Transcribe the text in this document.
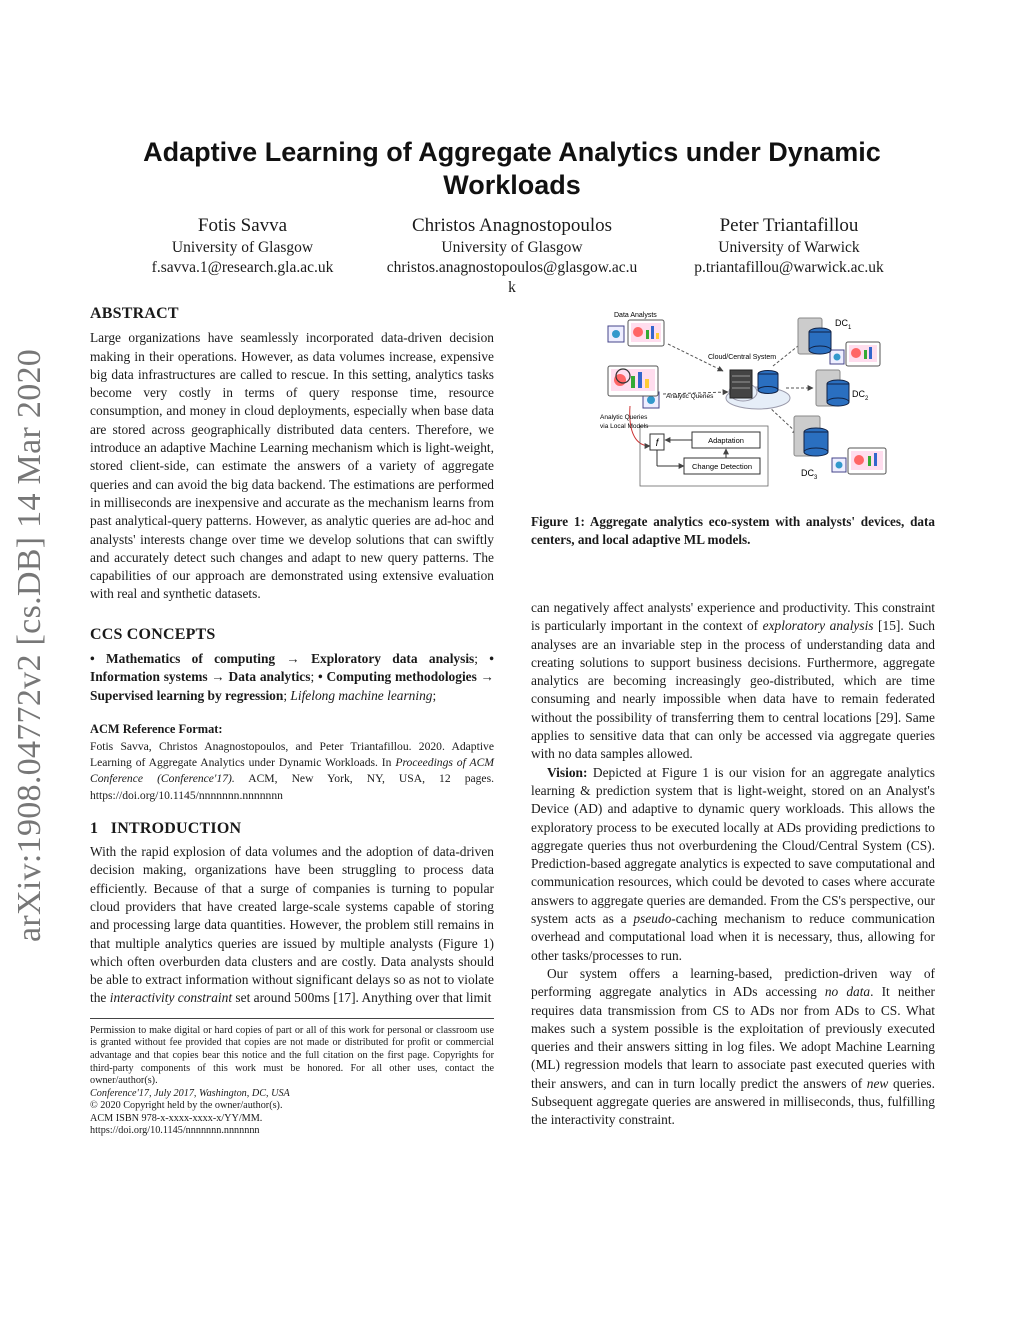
arXiv:1908.04772v2 [cs.DB] 14 Mar 2020
Adaptive Learning of Aggregate Analytics under Dynamic Workloads
Fotis Savva
University of Glasgow
f.savva.1@research.gla.ac.uk
Christos Anagnostopoulos
University of Glasgow
christos.anagnostopoulos@glasgow.ac.uk
Peter Triantafillou
University of Warwick
p.triantafillou@warwick.ac.uk
ABSTRACT

Large organizations have seamlessly incorporated data-driven decision making in their operations. However, as data volumes increase, expensive big data infrastructures are called to rescue. In this setting, analytics tasks become very costly in terms of query response time, resource consumption, and money in cloud deployments, especially when base data are stored across geographically distributed data centers. Therefore, we introduce an adaptive Machine Learning mechanism which is light-weight, stored client-side, can estimate the answers of a variety of aggregate queries and can avoid the big data backend. The estimations are performed in milliseconds are inexpensive and accurate as the mechanism learns from past analytical-query patterns. However, as analytic queries are ad-hoc and analysts' interests change over time we develop solutions that can swiftly and accurately detect such changes and adapt to new query patterns. The capabilities of our approach are demonstrated using extensive evaluation with real and synthetic datasets.

CCS CONCEPTS

• Mathematics of computing → Exploratory data analysis; • Information systems → Data analytics; • Computing methodologies → Supervised learning by regression; Lifelong machine learning;

ACM Reference Format:

Fotis Savva, Christos Anagnostopoulos, and Peter Triantafillou. 2020. Adaptive Learning of Aggregate Analytics under Dynamic Workloads. In Proceedings of ACM Conference (Conference'17). ACM, New York, NY, USA, 12 pages. https://doi.org/10.1145/nnnnnnn.nnnnnnn

1   INTRODUCTION

With the rapid explosion of data volumes and the adoption of data-driven decision making, organizations have been struggling to process data efficiently. Because of that a surge of companies is turning to popular cloud providers that have created large-scale systems capable of storing and processing large data quantities. However, the problem still remains in that multiple analytics queries are issued by multiple analysts (Figure 1) which often overburden data clusters and are costly. Data analysts should be able to extract information without significant delays so as not to violate the interactivity constraint set around 500ms [17]. Anything over that limit

Permission to make digital or hard copies of part or all of this work for personal or classroom use is granted without fee provided that copies are not made or distributed for profit or commercial advantage and that copies bear this notice and the full citation on the first page. Copyrights for third-party components of this work must be honored. For all other uses, contact the owner/author(s).
Conference'17, July 2017, Washington, DC, USA
© 2020 Copyright held by the owner/author(s).
ACM ISBN 978-x-xxxx-xxxx-x/YY/MM.
https://doi.org/10.1145/nnnnnnn.nnnnnnn
f	Adaptation
Change Detection
Data Analysts
Cloud/Central System
Analytic Queries
Analytic Queries
via Local Models
$DC_1$
$DC_2$
$DC_3$
Figure 1: Aggregate analytics eco-system with analysts' devices, data centers, and local adaptive ML models.

can negatively affect analysts' experience and productivity. This constraint is particularly important in the context of exploratory analysis [15]. Such analyses are an invariable step in the process of understanding data and creating solutions to support business decisions. Furthermore, aggregate analytics are becoming increasingly geo-distributed, which are time consuming and nearly impossible when data have to remain federated without the possibility of transferring them to central locations [29]. Same applies to sensitive data that can only be accessed via aggregate queries with no data samples allowed.

Vision: Depicted at Figure 1 is our vision for an aggregate analytics learning & prediction system that is light-weight, stored on an Analyst's Device (AD) and adaptive to dynamic query workloads. This allows the exploratory process to be executed locally at ADs providing predictions to aggregate queries thus not overburdening the Cloud/Central System (CS). Prediction-based aggregate analytics is expected to save computational and communication resources, which could be devoted to cases where accurate answers to aggregate queries are demanded. From the CS's perspective, our system acts as a pseudo-caching mechanism to reduce communication overhead and computational load when it is necessary, thus, allowing for other tasks/processes to run.

Our system offers a learning-based, prediction-driven way of performing aggregate analytics in ADs accessing no data. It neither requires data transmission from CS to ADs nor from ADs to CS. What makes such a system possible is the exploitation of previously executed queries and their answers sitting in log files. We adopt Machine Learning (ML) regression models that learn to associate past executed queries with their answers, and can in turn locally predict the answers of new queries. Subsequent aggregate queries are answered in milliseconds, thus, fulfilling the interactivity constraint.
